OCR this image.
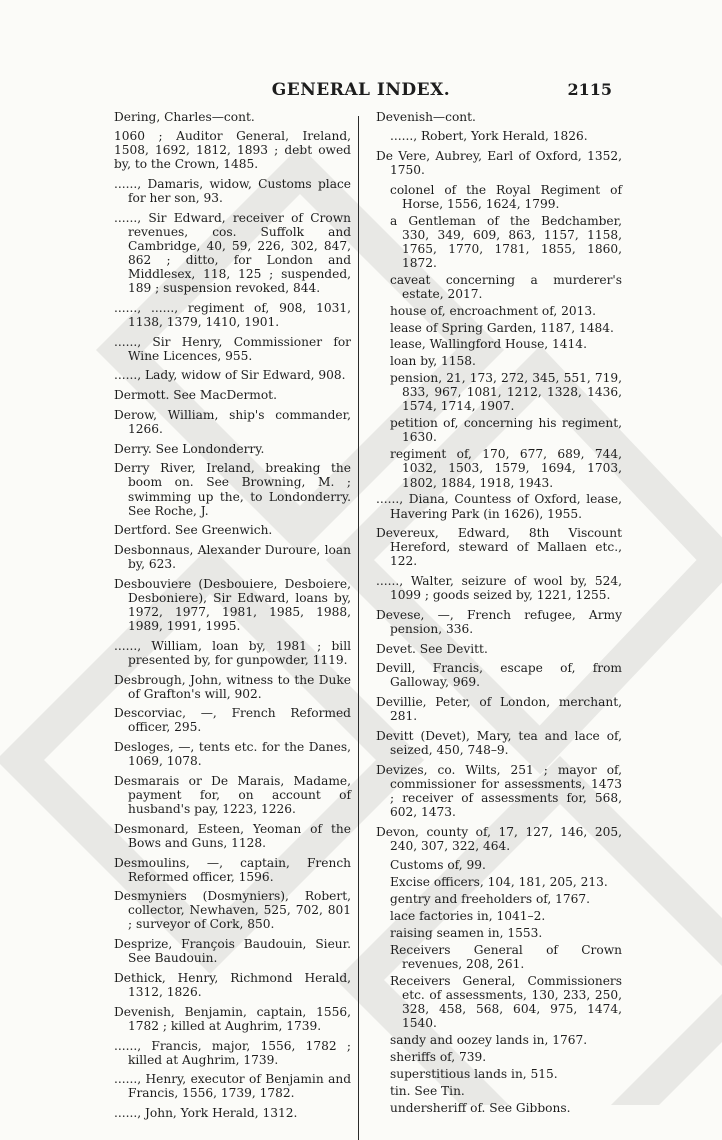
GENERAL INDEX.	2115
Dering, Charles—cont.
1060 ; Auditor General, Ireland, 1508, 1692, 1812, 1893 ; debt owed by, to the Crown, 1485.
......, Damaris, widow, Customs place for her son, 93.
......, Sir Edward, receiver of Crown revenues, cos. Suffolk and Cambridge, 40, 59, 226, 302, 847, 862 ; ditto, for London and Middlesex, 118, 125 ; suspended, 189 ; suspension revoked, 844.
......, ......, regiment of, 908, 1031, 1138, 1379, 1410, 1901.
......, Sir Henry, Commissioner for Wine Licences, 955.
......, Lady, widow of Sir Edward, 908.
Dermott. See MacDermot.
Derow, William, ship's commander, 1266.
Derry. See Londonderry.
Derry River, Ireland, breaking the boom on. See Browning, M. ; swimming up the, to Londonderry. See Roche, J.
Dertford. See Greenwich.
Desbonnaus, Alexander Duroure, loan by, 623.
Desbouviere (Desbouiere, Desboiere, Desboniere), Sir Edward, loans by, 1972, 1977, 1981, 1985, 1988, 1989, 1991, 1995.
......, William, loan by, 1981 ; bill presented by, for gunpowder, 1119.
Desbrough, John, witness to the Duke of Grafton's will, 902.
Descorviac, —, French Reformed officer, 295.
Desloges, —, tents etc. for the Danes, 1069, 1078.
Desmarais or De Marais, Madame, payment for, on account of husband's pay, 1223, 1226.
Desmonard, Esteen, Yeoman of the Bows and Guns, 1128.
Desmoulins, —, captain, French Reformed officer, 1596.
Desmyniers (Dosmyniers), Robert, collector, Newhaven, 525, 702, 801 ; surveyor of Cork, 850.
Desprize, François Baudouin, Sieur. See Baudouin.
Dethick, Henry, Richmond Herald, 1312, 1826.
Devenish, Benjamin, captain, 1556, 1782 ; killed at Aughrim, 1739.
......, Francis, major, 1556, 1782 ; killed at Aughrim, 1739.
......, Henry, executor of Benjamin and Francis, 1556, 1739, 1782.
......, John, York Herald, 1312.
Devenish—cont.
......, Robert, York Herald, 1826.
De Vere, Aubrey, Earl of Oxford, 1352, 1750.
colonel of the Royal Regiment of Horse, 1556, 1624, 1799.
a Gentleman of the Bedchamber, 330, 349, 609, 863, 1157, 1158, 1765, 1770, 1781, 1855, 1860, 1872.
caveat concerning a murderer's estate, 2017.
house of, encroachment of, 2013.
lease of Spring Garden, 1187, 1484.
lease, Wallingford House, 1414.
loan by, 1158.
pension, 21, 173, 272, 345, 551, 719, 833, 967, 1081, 1212, 1328, 1436, 1574, 1714, 1907.
petition of, concerning his regiment, 1630.
regiment of, 170, 677, 689, 744, 1032, 1503, 1579, 1694, 1703, 1802, 1884, 1918, 1943.
......, Diana, Countess of Oxford, lease, Havering Park (in 1626), 1955.
Devereux, Edward, 8th Viscount Hereford, steward of Mallaen etc., 122.
......, Walter, seizure of wool by, 524, 1099 ; goods seized by, 1221, 1255.
Devese, —, French refugee, Army pension, 336.
Devet. See Devitt.
Devill, Francis, escape of, from Galloway, 969.
Devillie, Peter, of London, merchant, 281.
Devitt (Devet), Mary, tea and lace of, seized, 450, 748–9.
Devizes, co. Wilts, 251 ; mayor of, commissioner for assessments, 1473 ; receiver of assessments for, 568, 602, 1473.
Devon, county of, 17, 127, 146, 205, 240, 307, 322, 464.
Customs of, 99.
Excise officers, 104, 181, 205, 213.
gentry and freeholders of, 1767.
lace factories in, 1041–2.
raising seamen in, 1553.
Receivers General of Crown revenues, 208, 261.
Receivers General, Commissioners etc. of assessments, 130, 233, 250, 328, 458, 568, 604, 975, 1474, 1540.
sandy and oozey lands in, 1767.
sheriffs of, 739.
superstitious lands in, 515.
tin. See Tin.
undersheriff of. See Gibbons.
